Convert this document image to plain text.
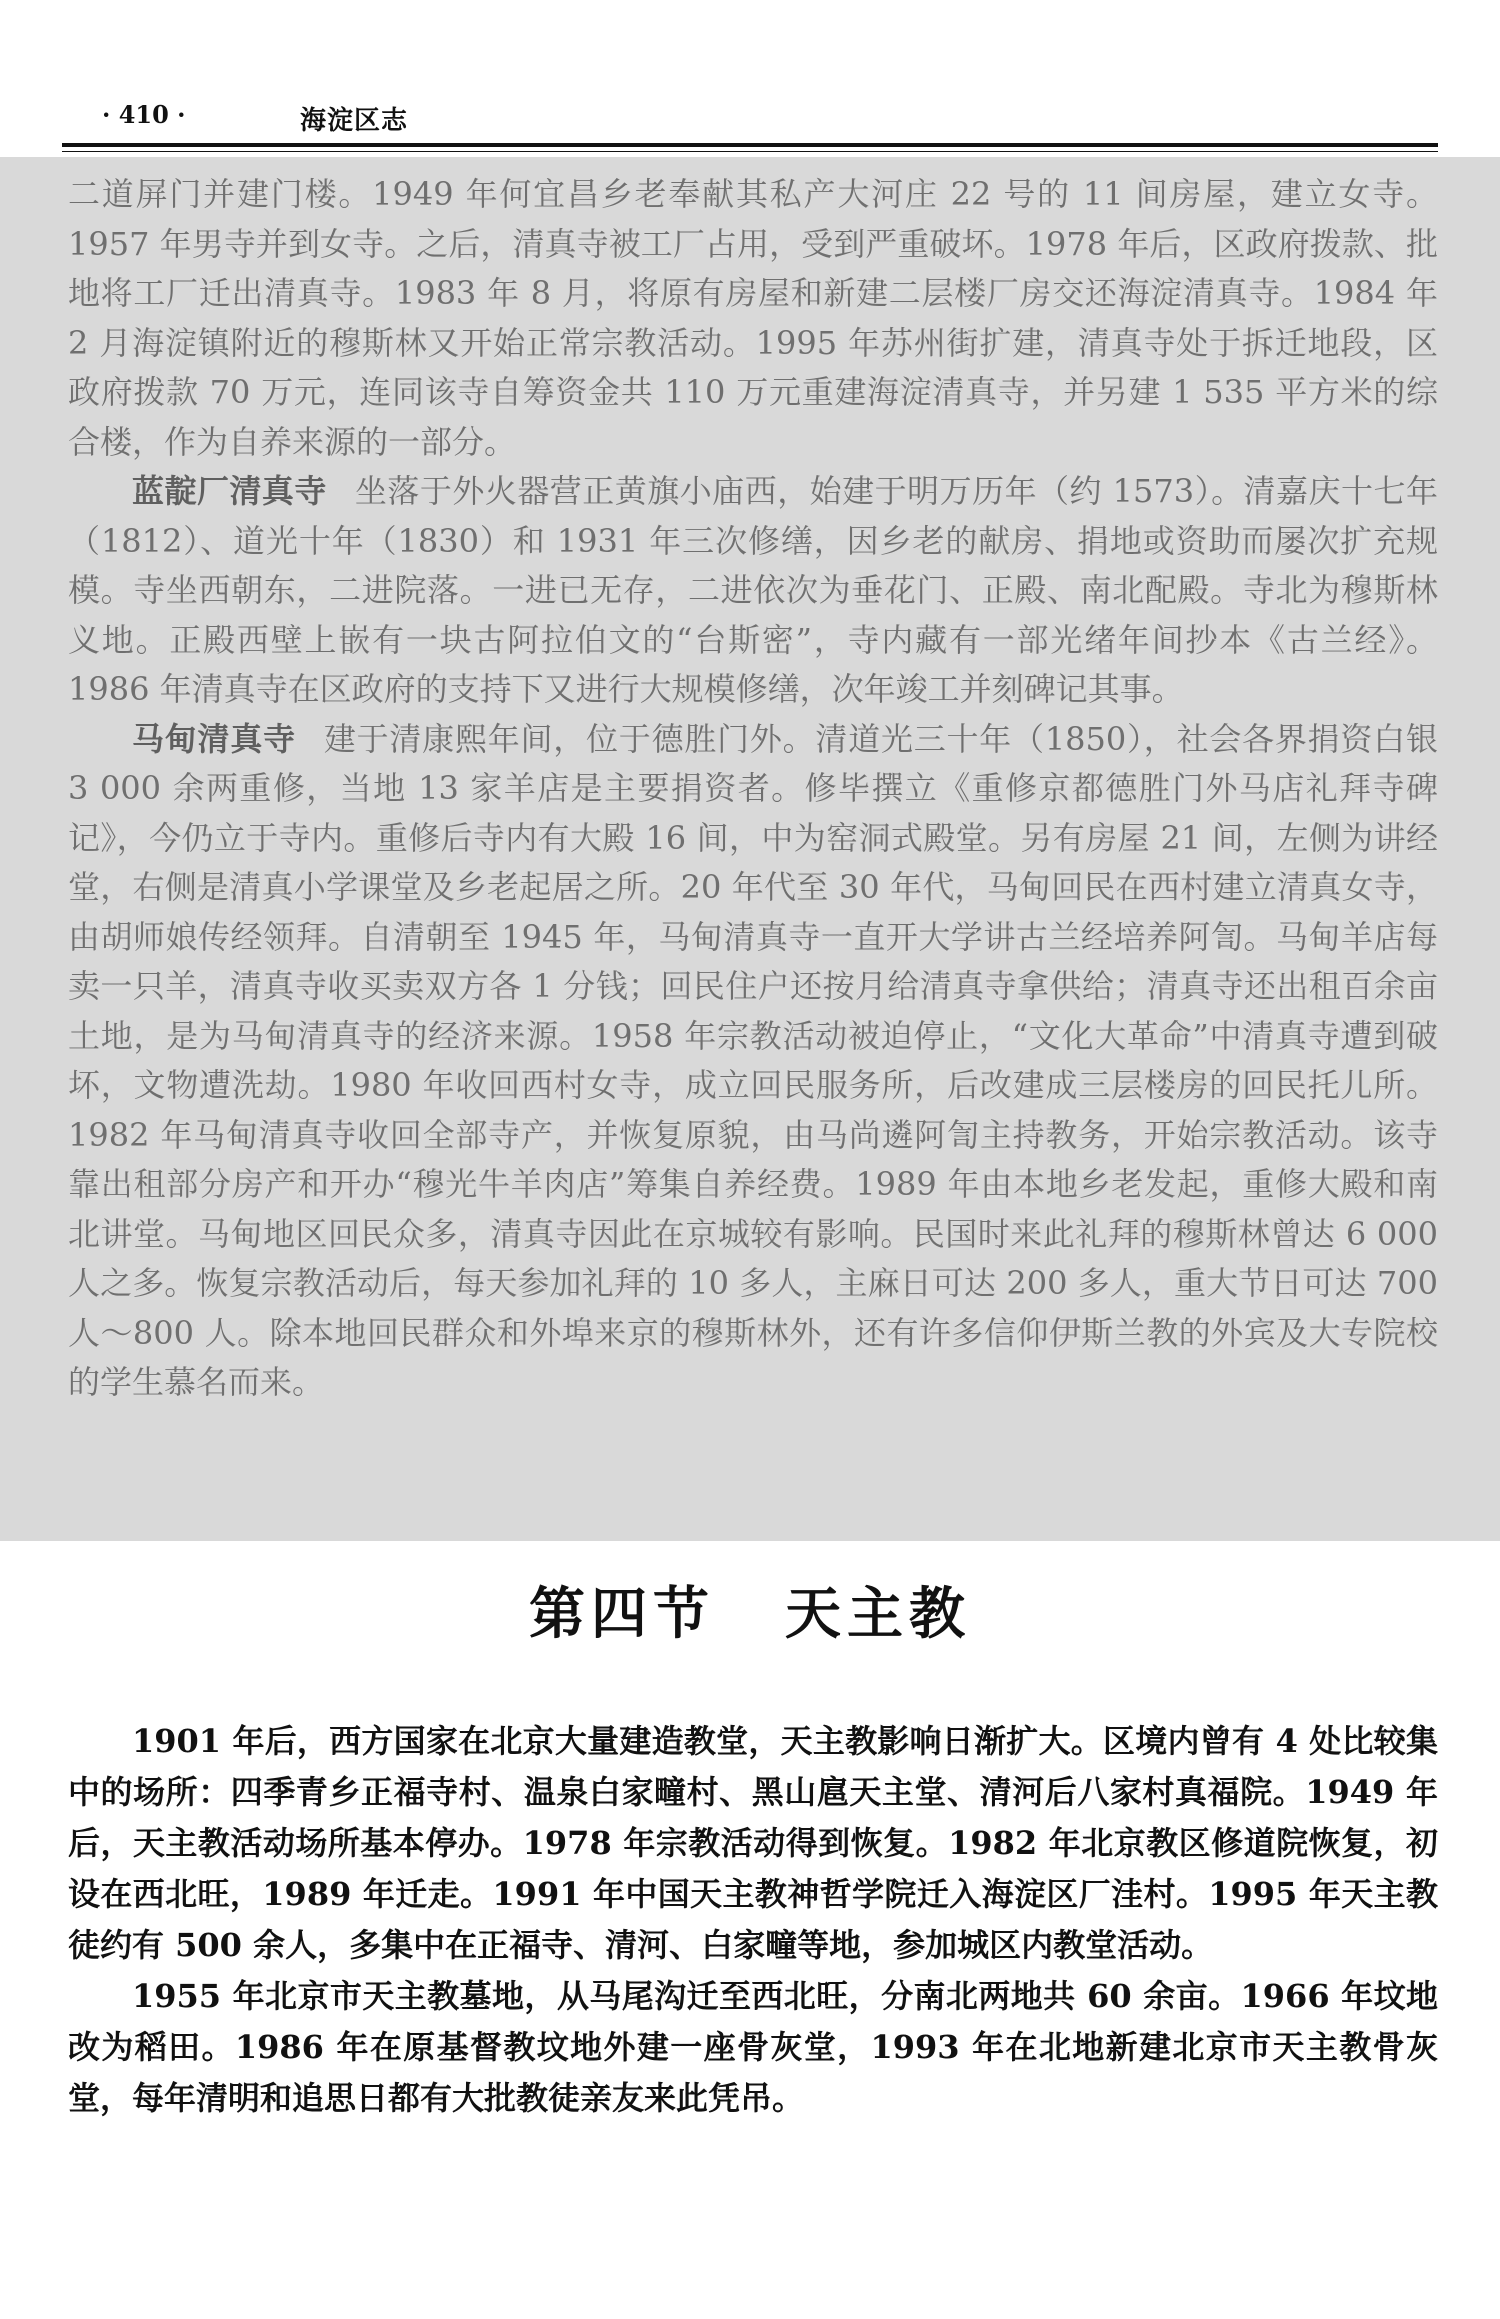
· 410 ·	海淀区志

二道屏门并建门楼。1949 年何宜昌乡老奉献其私产大河庄 22 号的 11 间房屋，建立女寺。1957 年男寺并到女寺。之后，清真寺被工厂占用，受到严重破坏。1978 年后，区政府拨款、批地将工厂迁出清真寺。1983 年 8 月，将原有房屋和新建二层楼厂房交还海淀清真寺。1984 年 2 月海淀镇附近的穆斯林又开始正常宗教活动。1995 年苏州街扩建，清真寺处于拆迁地段，区政府拨款 70 万元，连同该寺自筹资金共 110 万元重建海淀清真寺，并另建 1 535 平方米的综合楼，作为自养来源的一部分。

蓝靛厂清真寺 坐落于外火器营正黄旗小庙西，始建于明万历年（约 1573）。清嘉庆十七年（1812）、道光十年（1830）和 1931 年三次修缮，因乡老的献房、捐地或资助而屡次扩充规模。寺坐西朝东，二进院落。一进已无存，二进依次为垂花门、正殿、南北配殿。寺北为穆斯林义地。正殿西壁上嵌有一块古阿拉伯文的“台斯密”，寺内藏有一部光绪年间抄本《古兰经》。1986 年清真寺在区政府的支持下又进行大规模修缮，次年竣工并刻碑记其事。

马甸清真寺 建于清康熙年间，位于德胜门外。清道光三十年（1850），社会各界捐资白银 3 000 余两重修，当地 13 家羊店是主要捐资者。修毕撰立《重修京都德胜门外马店礼拜寺碑记》，今仍立于寺内。重修后寺内有大殿 16 间，中为窑洞式殿堂。另有房屋 21 间，左侧为讲经堂，右侧是清真小学课堂及乡老起居之所。20 年代至 30 年代，马甸回民在西村建立清真女寺，由胡师娘传经领拜。自清朝至 1945 年，马甸清真寺一直开大学讲古兰经培养阿訇。马甸羊店每卖一只羊，清真寺收买卖双方各 1 分钱；回民住户还按月给清真寺拿供给；清真寺还出租百余亩土地，是为马甸清真寺的经济来源。1958 年宗教活动被迫停止，“文化大革命”中清真寺遭到破坏，文物遭洗劫。1980 年收回西村女寺，成立回民服务所，后改建成三层楼房的回民托儿所。1982 年马甸清真寺收回全部寺产，并恢复原貌，由马尚遴阿訇主持教务，开始宗教活动。该寺靠出租部分房产和开办“穆光牛羊肉店”筹集自养经费。1989 年由本地乡老发起，重修大殿和南北讲堂。马甸地区回民众多，清真寺因此在京城较有影响。民国时来此礼拜的穆斯林曾达 6 000 人之多。恢复宗教活动后，每天参加礼拜的 10 多人，主麻日可达 200 多人，重大节日可达 700 人～800 人。除本地回民群众和外埠来京的穆斯林外，还有许多信仰伊斯兰教的外宾及大专院校的学生慕名而来。

第四节 天主教

1901 年后，西方国家在北京大量建造教堂，天主教影响日渐扩大。区境内曾有 4 处比较集中的场所：四季青乡正福寺村、温泉白家疃村、黑山扈天主堂、清河后八家村真福院。1949 年后，天主教活动场所基本停办。1978 年宗教活动得到恢复。1982 年北京教区修道院恢复，初设在西北旺，1989 年迁走。1991 年中国天主教神哲学院迁入海淀区厂洼村。1995 年天主教徒约有 500 余人，多集中在正福寺、清河、白家疃等地，参加城区内教堂活动。

1955 年北京市天主教墓地，从马尾沟迁至西北旺，分南北两地共 60 余亩。1966 年坟地改为稻田。1986 年在原基督教坟地外建一座骨灰堂，1993 年在北地新建北京市天主教骨灰堂，每年清明和追思日都有大批教徒亲友来此凭吊。
